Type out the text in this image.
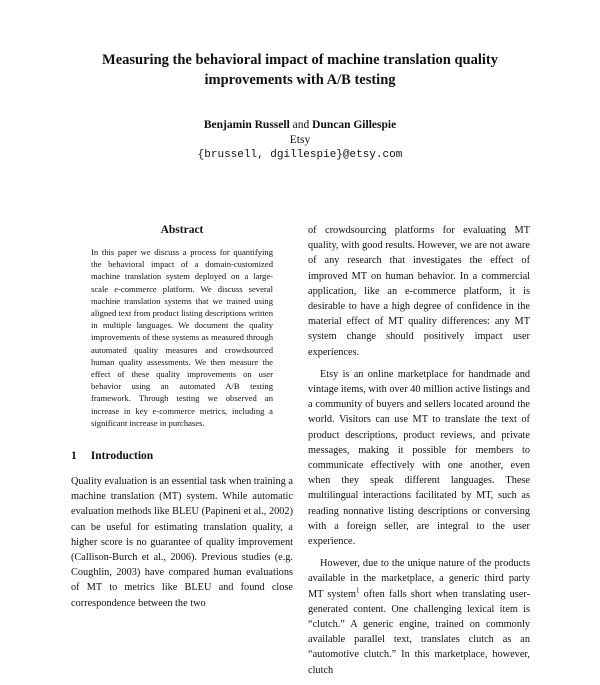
Measuring the behavioral impact of machine translation quality
improvements with A/B testing
Benjamin Russell and Duncan Gillespie
Etsy
{brussell, dgillespie}@etsy.com
Abstract

In this paper we discuss a process for quantifying the behavioral impact of a domain-customized machine translation system deployed on a large-scale e-commerce platform. We discuss several machine translation systems that we trained using aligned text from product listing descriptions written in multiple languages. We document the quality improvements of these systems as measured through automated quality measures and crowdsourced human quality assessments. We then measure the effect of these quality improvements on user behavior using an automated A/B testing framework. Through testing we observed an increase in key e-commerce metrics, including a significant increase in purchases.

1 Introduction

Quality evaluation is an essential task when training a machine translation (MT) system. While automatic evaluation methods like BLEU (Papineni et al., 2002) can be useful for estimating translation quality, a higher score is no guarantee of quality improvement (Callison-Burch et al., 2006). Previous studies (e.g. Coughlin, 2003) have compared human evaluations of MT to metrics like BLEU and found close correspondence between the two

of crowdsourcing platforms for evaluating MT quality, with good results. However, we are not aware of any research that investigates the effect of improved MT on human behavior. In a commercial application, like an e-commerce platform, it is desirable to have a high degree of confidence in the material effect of MT quality differences: any MT system change should positively impact user experiences.

Etsy is an online marketplace for handmade and vintage items, with over 40 million active listings and a community of buyers and sellers located around the world. Visitors can use MT to translate the text of product descriptions, product reviews, and private messages, making it possible for members to communicate effectively with one another, even when they speak different languages. These multilingual interactions facilitated by MT, such as reading nonnative listing descriptions or conversing with a foreign seller, are integral to the user experience.

However, due to the unique nature of the products available in the marketplace, a generic third party MT system$^1$ often falls short when translating user-generated content. One challenging lexical item is “clutch.” A generic engine, trained on commonly available parallel text, translates clutch as an “automotive clutch.” In this marketplace, however, clutch
